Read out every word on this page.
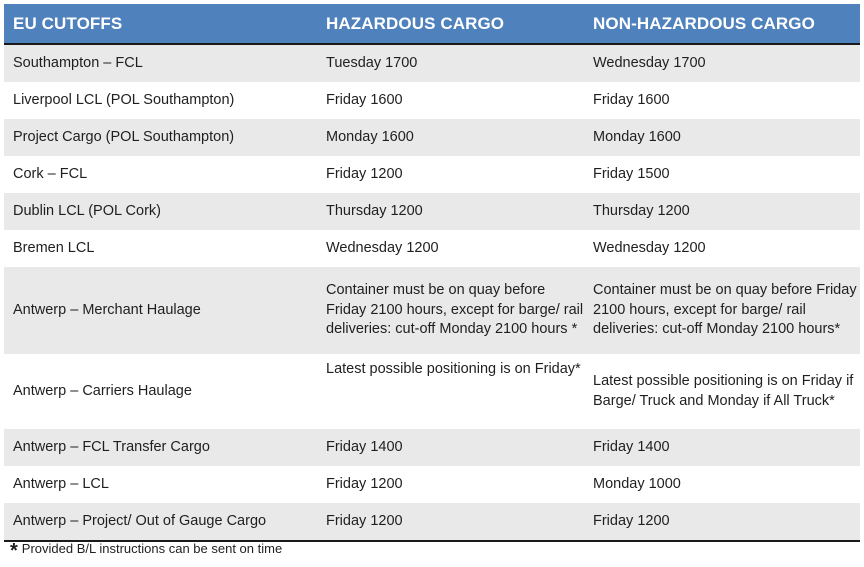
EU CUTOFFS	HAZARDOUS CARGO	NON-HAZARDOUS CARGO
Southampton – FCL	Tuesday 1700	Wednesday 1700
Liverpool LCL (POL Southampton)	Friday 1600	Friday 1600
Project Cargo (POL Southampton)	Monday 1600	Monday 1600
Cork – FCL	Friday 1200	Friday 1500
Dublin LCL (POL Cork)	Thursday 1200	Thursday 1200
Bremen LCL	Wednesday 1200	Wednesday 1200
Antwerp – Merchant Haulage	Container must be on quay before Friday 2100 hours, except for barge/ rail deliveries: cut-off Monday 2100 hours *	Container must be on quay before Friday 2100 hours, except for barge/ rail deliveries: cut-off Monday 2100 hours*
Antwerp – Carriers Haulage	Latest possible positioning is on Friday*	Latest possible positioning is on Friday if Barge/ Truck and Monday if All Truck*
Antwerp – FCL Transfer Cargo	Friday 1400	Friday 1400
Antwerp – LCL	Friday 1200	Monday 1000
Antwerp – Project/ Out of Gauge Cargo	Friday 1200	Friday 1200
* Provided B/L instructions can be sent on time
